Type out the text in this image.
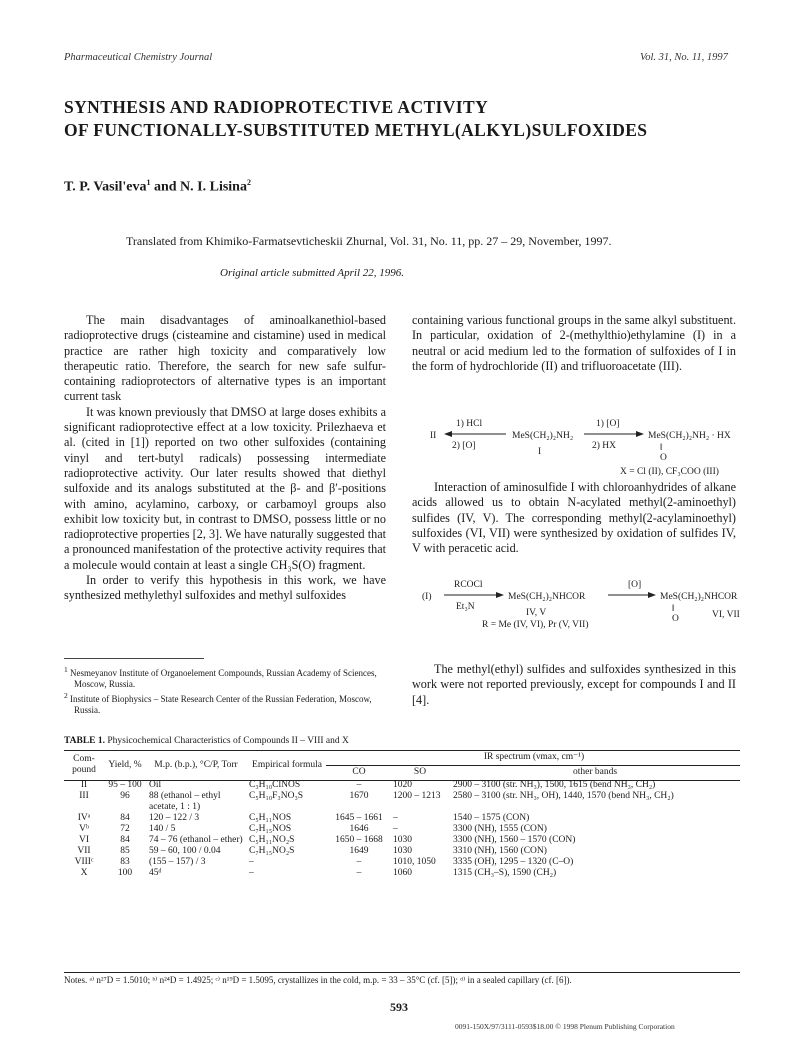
Pharmaceutical Chemistry Journal	Vol. 31, No. 11, 1997
SYNTHESIS AND RADIOPROTECTIVE ACTIVITY
OF FUNCTIONALLY-SUBSTITUTED METHYL(ALKYL)SULFOXIDES
T. P. Vasil'eva$^1$ and N. I. Lisina$^2$
Translated from Khimiko-Farmatsevticheskii Zhurnal, Vol. 31, No. 11, pp. 27 – 29, November, 1997.
Original article submitted April 22, 1996.

The main disadvantages of aminoalkanethiol-based radioprotective drugs (cisteamine and cistamine) used in medical practice are rather high toxicity and comparatively low therapeutic ratio. Therefore, the search for new safe sulfur-containing radioprotectors of alternative types is an important current task

It was known previously that DMSO at large doses exhibits a significant radioprotective effect at a low toxicity. Prilezhaeva et al. (cited in [1]) reported on two other sulfoxides (containing vinyl and tert-butyl radicals) possessing intermediate radioprotective activity. Our later results showed that diethyl sulfoxide and its analogs substituted at the β- and β′-positions with amino, acylamino, carboxy, or carbamoyl groups also exhibit low toxicity but, in contrast to DMSO, possess little or no radioprotective properties [2, 3]. We have naturally suggested that a pronounced manifestation of the protective activity requires that a molecule would contain at least a single CH₃S(O) fragment.

In order to verify this hypothesis in this work, we have synthesized methylethyl sulfoxides and methyl sulfoxides

containing various functional groups in the same alkyl substituent. In particular, oxidation of 2-(methylthio)ethylamine (I) in a neutral or acid medium led to the formation of sulfoxides of I in the form of hydrochloride (II) and trifluoroacetate (III).

II
1) HCl
2) [O]
MeS(CH₂)₂NH₂
I
1) [O]
2) HX
MeS(CH₂)₂NH₂ · HX
‖
O
X = Cl (II), CF₃COO (III)

Interaction of aminosulfide I with chloroanhydrides of alkane acids allowed us to obtain N-acylated methyl(2-aminoethyl) sulfides (IV, V). The corresponding methyl(2-acylaminoethyl) sulfoxides (VI, VII) were synthesized by oxidation of sulfides IV, V with peracetic acid.

(I)
RCOCl
Et₃N
MeS(CH₂)₂NHCOR
IV, V
[O]
MeS(CH₂)₂NHCOR
‖
O	VI, VII
R = Me (IV, VI), Pr (V, VII)

The methyl(ethyl) sulfides and sulfoxides synthesized in this work were not reported previously, except for compounds I and II [4].

$^1$ Nesmeyanov Institute of Organoelement Compounds, Russian Academy of Sciences, Moscow, Russia.
$^2$ Institute of Biophysics – State Research Center of the Russian Federation, Moscow, Russia.
TABLE 1. Physicochemical Characteristics of Compounds II – VIII and X
Com-pound	Yield, %	M.p. (b.p.), °C/P, Torr	Empirical formula	IR spectrum (νmax, cm⁻¹)		
				CO	SO	other bands
II	95 – 100	Oil	C₃H₁₀ClNOS	–	1020	2900 – 3100 (str. NH₃), 1500, 1615 (bend NH₃, CH₂)
III	96	88 (ethanol – ethyl acetate, 1 : 1)	C₅H₁₀F₃NO₃S	1670	1200 – 1213	2580 – 3100 (str. NH₃, OH), 1440, 1570 (bend NH₃, CH₂)
IVᵃ	84	120 – 122 / 3	C₅H₁₁NOS	1645 – 1661	–	1540 – 1575 (CON)
Vᵇ	72	140 / 5	C₇H₁₅NOS	1646	–	3300 (NH), 1555 (CON)
VI	84	74 – 76 (ethanol – ether)	C₅H₁₁NO₂S	1650 – 1668	1030	3300 (NH), 1560 – 1570 (CON)
VII	85	59 – 60, 100 / 0.04	C₇H₁₅NO₂S	1649	1030	3310 (NH), 1560 (CON)
VIIIᶜ	83	(155 – 157) / 3	–	–	1010, 1050	3335 (OH), 1295 – 1320 (C–O)
X	100	45ᵈ	–	–	1060	1315 (CH₃–S), 1590 (CH₂)
Notes. ᵃ⁾ n²⁷D = 1.5010; ᵇ⁾ n²⁴D = 1.4925; ᶜ⁾ n¹⁹D = 1.5095, crystallizes in the cold, m.p. = 33 – 35°C (cf. [5]); ᵈ⁾ in a sealed capillary (cf. [6]).
593
0091-150X/97/3111-0593$18.00 © 1998 Plenum Publishing Corporation
